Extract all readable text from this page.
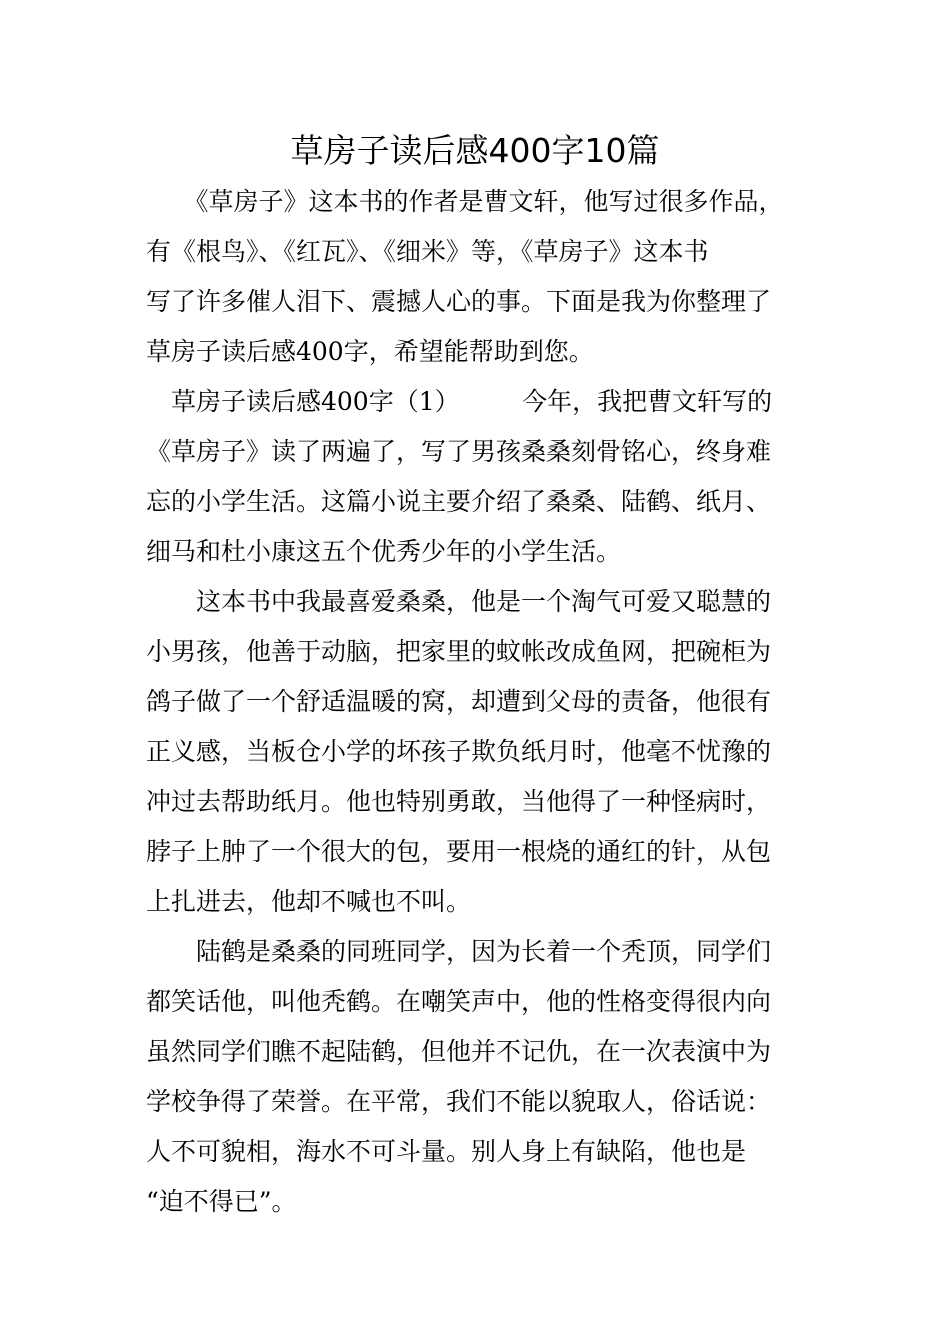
草房子读后感400字10篇
　　《草房子》这本书的作者是曹文轩，他写过很多作品，
有《根鸟》、《红瓦》、《细米》等，《草房子》这本书
写了许多催人泪下、震撼人心的事。下面是我为你整理了
草房子读后感400字，希望能帮助到您。
　草房子读后感400字（1）　　　今年，我把曹文轩写的
《草房子》读了两遍了，写了男孩桑桑刻骨铭心，终身难
忘的小学生活。这篇小说主要介绍了桑桑、陆鹤、纸月、
细马和杜小康这五个优秀少年的小学生活。
　　这本书中我最喜爱桑桑，他是一个淘气可爱又聪慧的
小男孩，他善于动脑，把家里的蚊帐改成鱼网，把碗柜为
鸽子做了一个舒适温暖的窝，却遭到父母的责备，他很有
正义感，当板仓小学的坏孩子欺负纸月时，他毫不忧豫的
冲过去帮助纸月。他也特别勇敢，当他得了一种怪病时，
脖子上肿了一个很大的包，要用一根烧的通红的针，从包
上扎进去，他却不喊也不叫。
　　陆鹤是桑桑的同班同学，因为长着一个秃顶，同学们
都笑话他，叫他秃鹤。在嘲笑声中，他的性格变得很内向
虽然同学们瞧不起陆鹤，但他并不记仇，在一次表演中为
学校争得了荣誉。在平常，我们不能以貌取人，俗话说：
人不可貌相，海水不可斗量。别人身上有缺陷，他也是
“迫不得已”。
